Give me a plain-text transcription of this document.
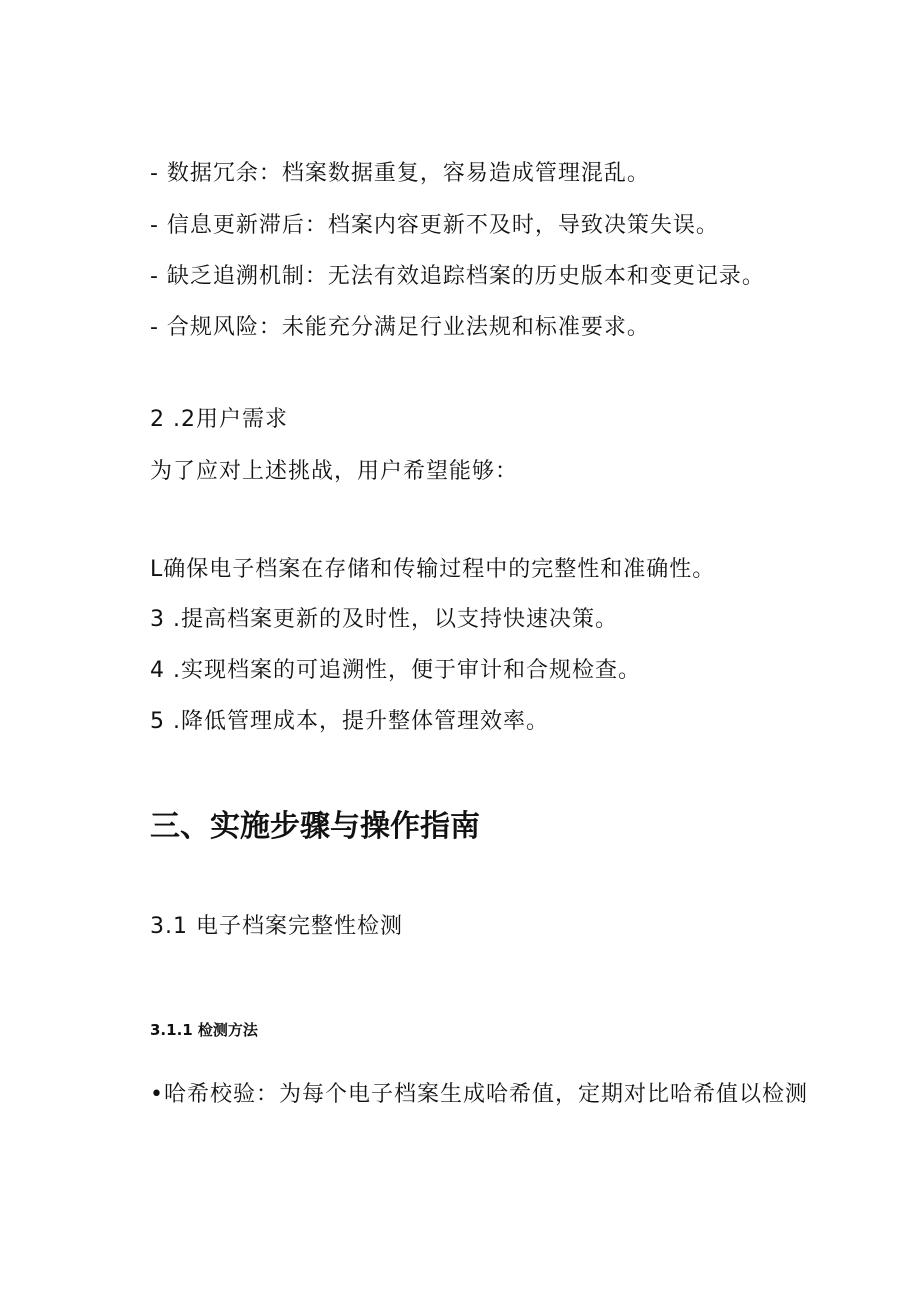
- 数据冗余：档案数据重复，容易造成管理混乱。
- 信息更新滞后：档案内容更新不及时，导致决策失误。
- 缺乏追溯机制：无法有效追踪档案的历史版本和变更记录。
- 合规风险：未能充分满足行业法规和标准要求。
2 .2用户需求
为了应对上述挑战，用户希望能够：
L确保电子档案在存储和传输过程中的完整性和准确性。
3 .提高档案更新的及时性，以支持快速决策。
4 .实现档案的可追溯性，便于审计和合规检查。
5 .降低管理成本，提升整体管理效率。
三、实施步骤与操作指南
3.1 电子档案完整性检测
3.1.1 检测方法
•哈希校验：为每个电子档案生成哈希值，定期对比哈希值以检测
